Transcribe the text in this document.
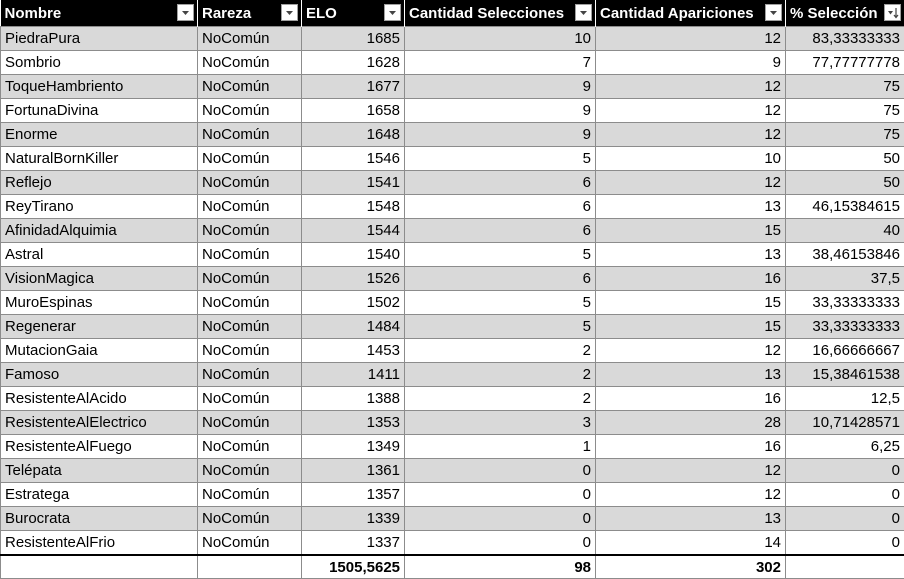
Nombre	Rareza	ELO	Cantidad Selecciones	Cantidad Apariciones	% Selección

PiedraPura	NoComún	1685	10	12	83,33333333
Sombrio	NoComún	1628	7	9	77,77777778
ToqueHambriento	NoComún	1677	9	12	75
FortunaDivina	NoComún	1658	9	12	75
Enorme	NoComún	1648	9	12	75
NaturalBornKiller	NoComún	1546	5	10	50
Reflejo	NoComún	1541	6	12	50
ReyTirano	NoComún	1548	6	13	46,15384615
AfinidadAlquimia	NoComún	1544	6	15	40
Astral	NoComún	1540	5	13	38,46153846
VisionMagica	NoComún	1526	6	16	37,5
MuroEspinas	NoComún	1502	5	15	33,33333333
Regenerar	NoComún	1484	5	15	33,33333333
MutacionGaia	NoComún	1453	2	12	16,66666667
Famoso	NoComún	1411	2	13	15,38461538
ResistenteAlAcido	NoComún	1388	2	16	12,5
ResistenteAlElectrico	NoComún	1353	3	28	10,71428571
ResistenteAlFuego	NoComún	1349	1	16	6,25
Telépata	NoComún	1361	0	12	0
Estratega	NoComún	1357	0	12	0
Burocrata	NoComún	1339	0	13	0
ResistenteAlFrio	NoComún	1337	0	14	0
		1505,5625	98	302	
